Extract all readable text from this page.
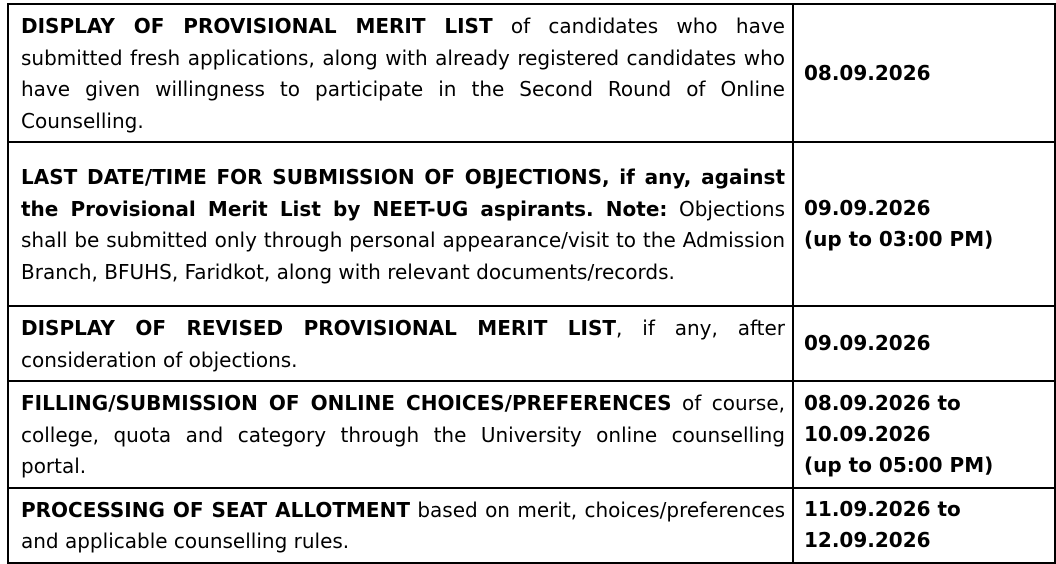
DISPLAY OF PROVISIONAL MERIT LIST of candidates who have submitted fresh applications, along with already registered candidates who have given willingness to participate in the Second Round of Online Counselling.	08.09.2026

LAST DATE/TIME FOR SUBMISSION OF OBJECTIONS, if any, against the Provisional Merit List by NEET-UG aspirants. Note: Objections shall be submitted only through personal appearance/visit to the Admission Branch, BFUHS, Faridkot, along with relevant documents/records.	09.09.2026
(up to 03:00 PM)

DISPLAY OF REVISED PROVISIONAL MERIT LIST, if any, after consideration of objections.	09.09.2026

FILLING/SUBMISSION OF ONLINE CHOICES/PREFERENCES of course, college, quota and category through the University online counselling portal.	08.09.2026 to
10.09.2026
(up to 05:00 PM)

PROCESSING OF SEAT ALLOTMENT based on merit, choices/preferences and applicable counselling rules.	11.09.2026 to
12.09.2026
